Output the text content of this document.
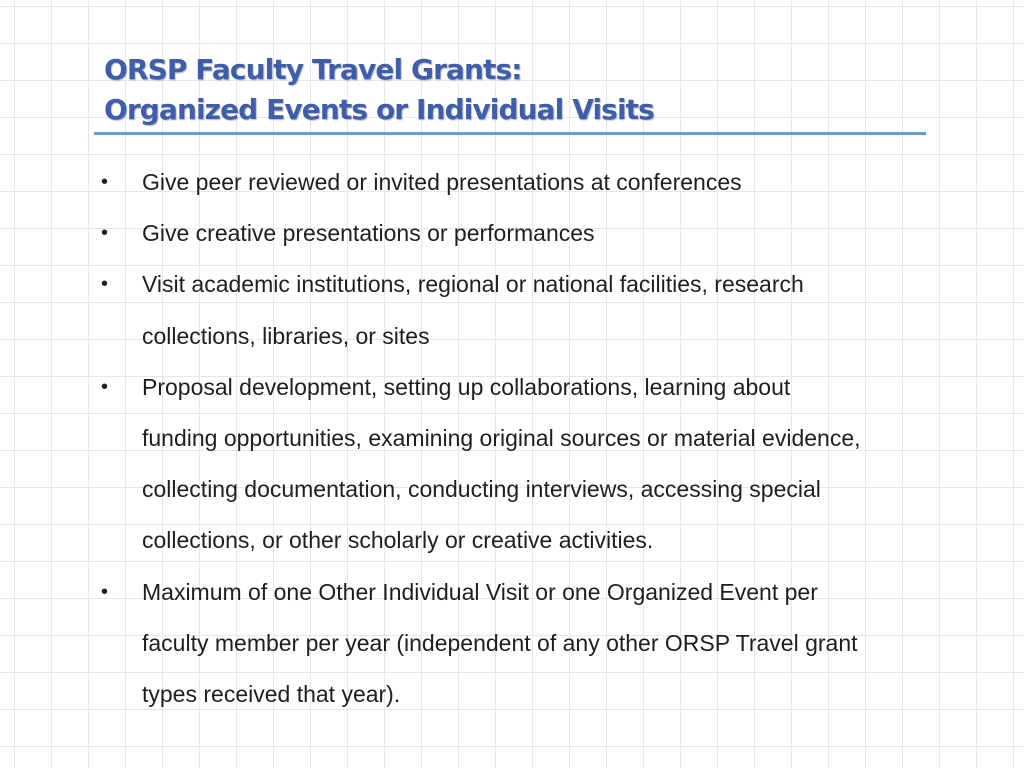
ORSP Faculty Travel Grants:
Organized Events or Individual Visits
• Give peer reviewed or invited presentations at conferences
• Give creative presentations or performances
• Visit academic institutions, regional or national facilities, research
collections, libraries, or sites
• Proposal development, setting up collaborations, learning about
funding opportunities, examining original sources or material evidence,
collecting documentation, conducting interviews, accessing special
collections, or other scholarly or creative activities.
• Maximum of one Other Individual Visit or one Organized Event per
faculty member per year (independent of any other ORSP Travel grant
types received that year).
